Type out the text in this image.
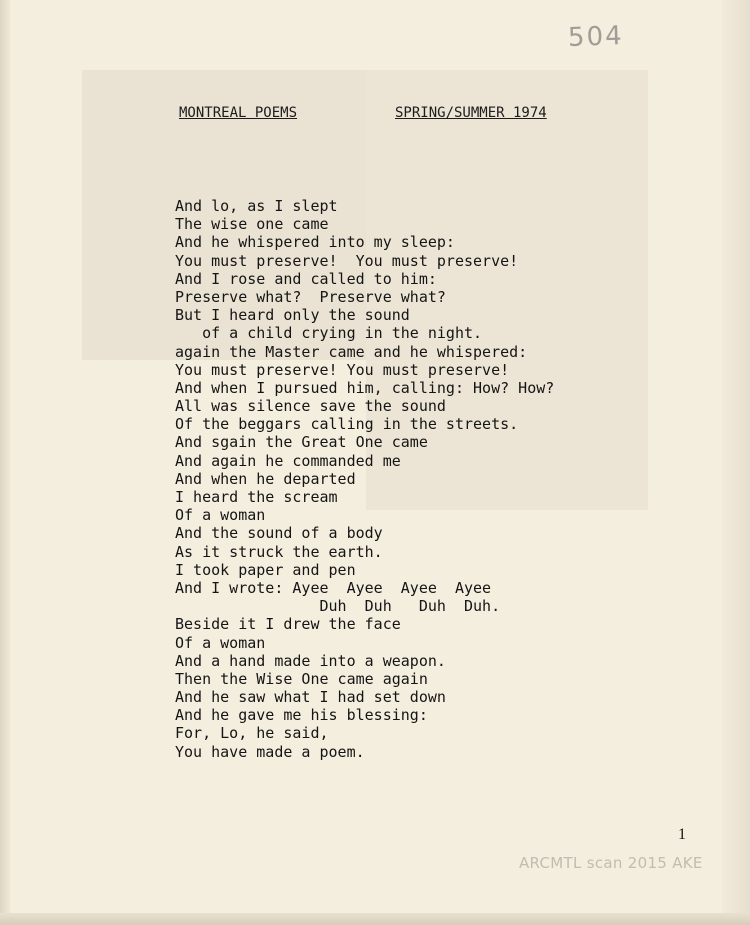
504
MONTREAL POEMS	SPRING/SUMMER 1974
And lo, as I slept
The wise one came
And he whispered into my sleep:
You must preserve!  You must preserve!
And I rose and called to him:
Preserve what?  Preserve what?
But I heard only the sound
of a child crying in the night.
again the Master came and he whispered:
You must preserve! You must preserve!
And when I pursued him, calling: How? How?
All was silence save the sound
Of the beggars calling in the streets.
And sgain the Great One came
And again he commanded me
And when he departed
I heard the scream
Of a woman
And the sound of a body
As it struck the earth.
I took paper and pen
And I wrote: Ayee  Ayee  Ayee  Ayee
Duh  Duh   Duh  Duh.
Beside it I drew the face
Of a woman
And a hand made into a weapon.
Then the Wise One came again
And he saw what I had set down
And he gave me his blessing:
For, Lo, he said,
You have made a poem.
1
ARCMTL scan 2015 AKE
